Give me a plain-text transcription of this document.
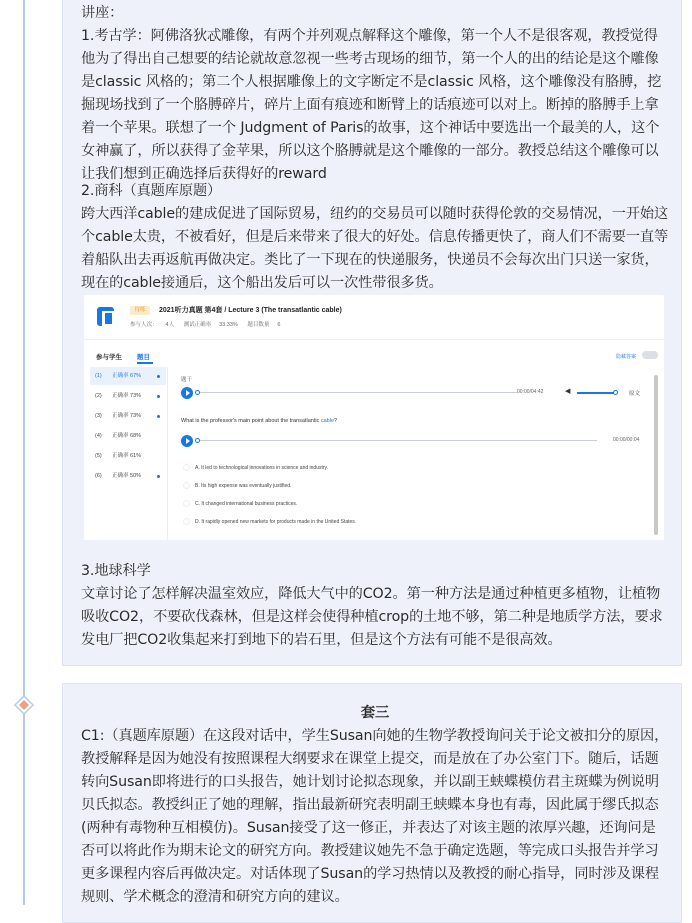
讲座：
1.考古学：阿佛洛狄忒雕像，有两个并列观点解释这个雕像，第一个人不是很客观，教授觉得他为了得出自己想要的结论就故意忽视一些考古现场的细节，第一个人的出的结论是这个雕像是classic 风格的；第二个人根据雕像上的文字断定不是classic 风格，这个雕像没有胳膊，挖掘现场找到了一个胳膊碎片，碎片上面有痕迹和断臂上的话痕迹可以对上。断掉的胳膊手上拿着一个苹果。联想了一个 Judgment of Paris的故事，这个神话中要选出一个最美的人，这个女神赢了，所以获得了金苹果，所以这个胳膊就是这个雕像的一部分。教授总结这个雕像可以让我们想到正确选择后获得好的reward
2.商科（真题库原题）
跨大西洋cable的建成促进了国际贸易，纽约的交易员可以随时获得伦敦的交易情况，一开始这个cable太贵，不被看好，但是后来带来了很大的好处。信息传播更快了，商人们不需要一直等着船队出去再返航再做决定。类比了一下现在的快递服务，快递员不会每次出门只送一家货，现在的cable接通后，这个船出发后可以一次性带很多货。
待练	2021听力真题 第4套 / Lecture 3 (The transatlantic cable)
参与人次： 4人 测试正确率 33.33% 题目数量 6
参与学生 题目	隐藏答案
(1) 正确率 67%
(2) 正确率 73%
(3) 正确率 73%
(4) 正确率 68%
(5) 正确率 61%
(6) 正确率 50%
题干
00:00/04:42	◀	原文
What is the professor's main point about the transatlantic cable?
00:00/00:04
A. It led to technological innovations in science and industry.
B. Its high expense was eventually justified.
C. It changed international business practices.
D. It rapidly opened new markets for products made in the United States.
3.地球科学
文章讨论了怎样解决温室效应，降低大气中的CO2。第一种方法是通过种植更多植物，让植物吸收CO2，不要砍伐森林，但是这样会使得种植crop的土地不够，第二种是地质学方法，要求发电厂把CO2收集起来打到地下的岩石里，但是这个方法有可能不是很高效。
套三
C1:（真题库原题）在这段对话中，学生Susan向她的生物学教授询问关于论文被扣分的原因，教授解释是因为她没有按照课程大纲要求在课堂上提交，而是放在了办公室门下。随后，话题转向Susan即将进行的口头报告，她计划讨论拟态现象，并以副王蛱蝶模仿君主斑蝶为例说明贝氏拟态。教授纠正了她的理解，指出最新研究表明副王蛱蝶本身也有毒，因此属于缪氏拟态(两种有毒物种互相模仿)。Susan接受了这一修正，并表达了对该主题的浓厚兴趣，还询问是否可以将此作为期末论文的研究方向。教授建议她先不急于确定选题，等完成口头报告并学习更多课程内容后再做决定。对话体现了Susan的学习热情以及教授的耐心指导，同时涉及课程规则、学术概念的澄清和研究方向的建议。
